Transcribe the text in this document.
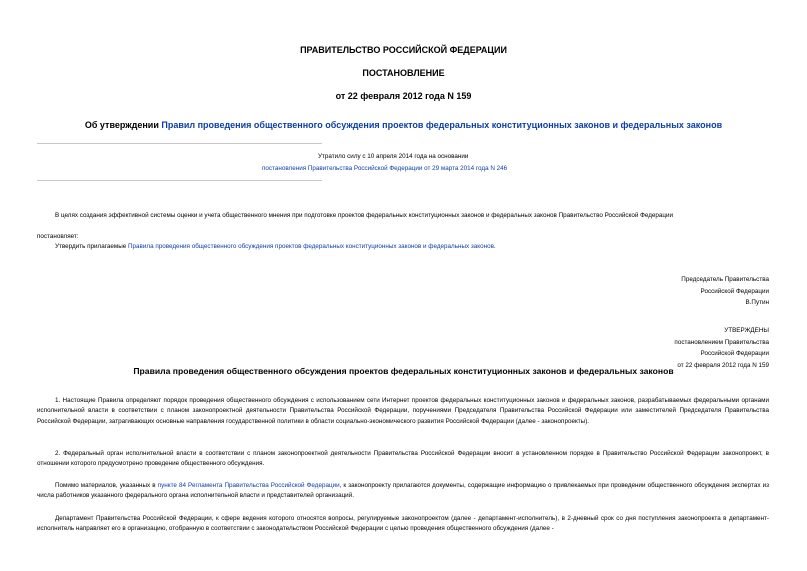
ПРАВИТЕЛЬСТВО РОССИЙСКОЙ ФЕДЕРАЦИИ
ПОСТАНОВЛЕНИЕ
от 22 февраля 2012 года N 159
Об утверждении Правил проведения общественного обсуждения проектов федеральных конституционных законов и федеральных законов
Утратило силу с 10 апреля 2014 года на основании
постановления Правительства Российской Федерации от 29 марта 2014 года N 246
В целях создания эффективной системы оценки и учета общественного мнения при подготовке проектов федеральных конституционных законов и федеральных законов Правительство Российской Федерации
постановляет:
Утвердить прилагаемые Правила проведения общественного обсуждения проектов федеральных конституционных законов и федеральных законов.
Председатель Правительства
Российской Федерации
В.Путин
УТВЕРЖДЕНЫ
постановлением Правительства
Российской Федерации
от 22 февраля 2012 года N 159
Правила проведения общественного обсуждения проектов федеральных конституционных законов и федеральных законов
1. Настоящие Правила определяют порядок проведения общественного обсуждения с использованием сети Интернет проектов федеральных конституционных законов и федеральных законов, разрабатываемых федеральными органами исполнительной власти в соответствии с планом законопроектной деятельности Правительства Российской Федерации, поручениями Председателя Правительства Российской Федерации или заместителей Председателя Правительства Российской Федерации, затрагивающих основные направления государственной политики в области социально-экономического развития Российской Федерации (далее - законопроекты).
2. Федеральный орган исполнительной власти в соответствии с планом законопроектной деятельности Правительства Российской Федерации вносит в установленном порядке в Правительство Российской Федерации законопроект, в отношении которого предусмотрено проведение общественного обсуждения.
Помимо материалов, указанных в пункте 84 Регламента Правительства Российской Федерации, к законопроекту прилагаются документы, содержащие информацию о привлекаемых при проведении общественного обсуждения экспертах из числа работников указанного федерального органа исполнительной власти и представителей организаций.
Департамент Правительства Российской Федерации, к сфере ведения которого относятся вопросы, регулируемые законопроектом (далее - департамент-исполнитель), в 2-дневный срок со дня поступления законопроекта в департамент-исполнитель направляет его в организацию, отобранную в соответствии с законодательством Российской Федерации с целью проведения общественного обсуждения (далее -
